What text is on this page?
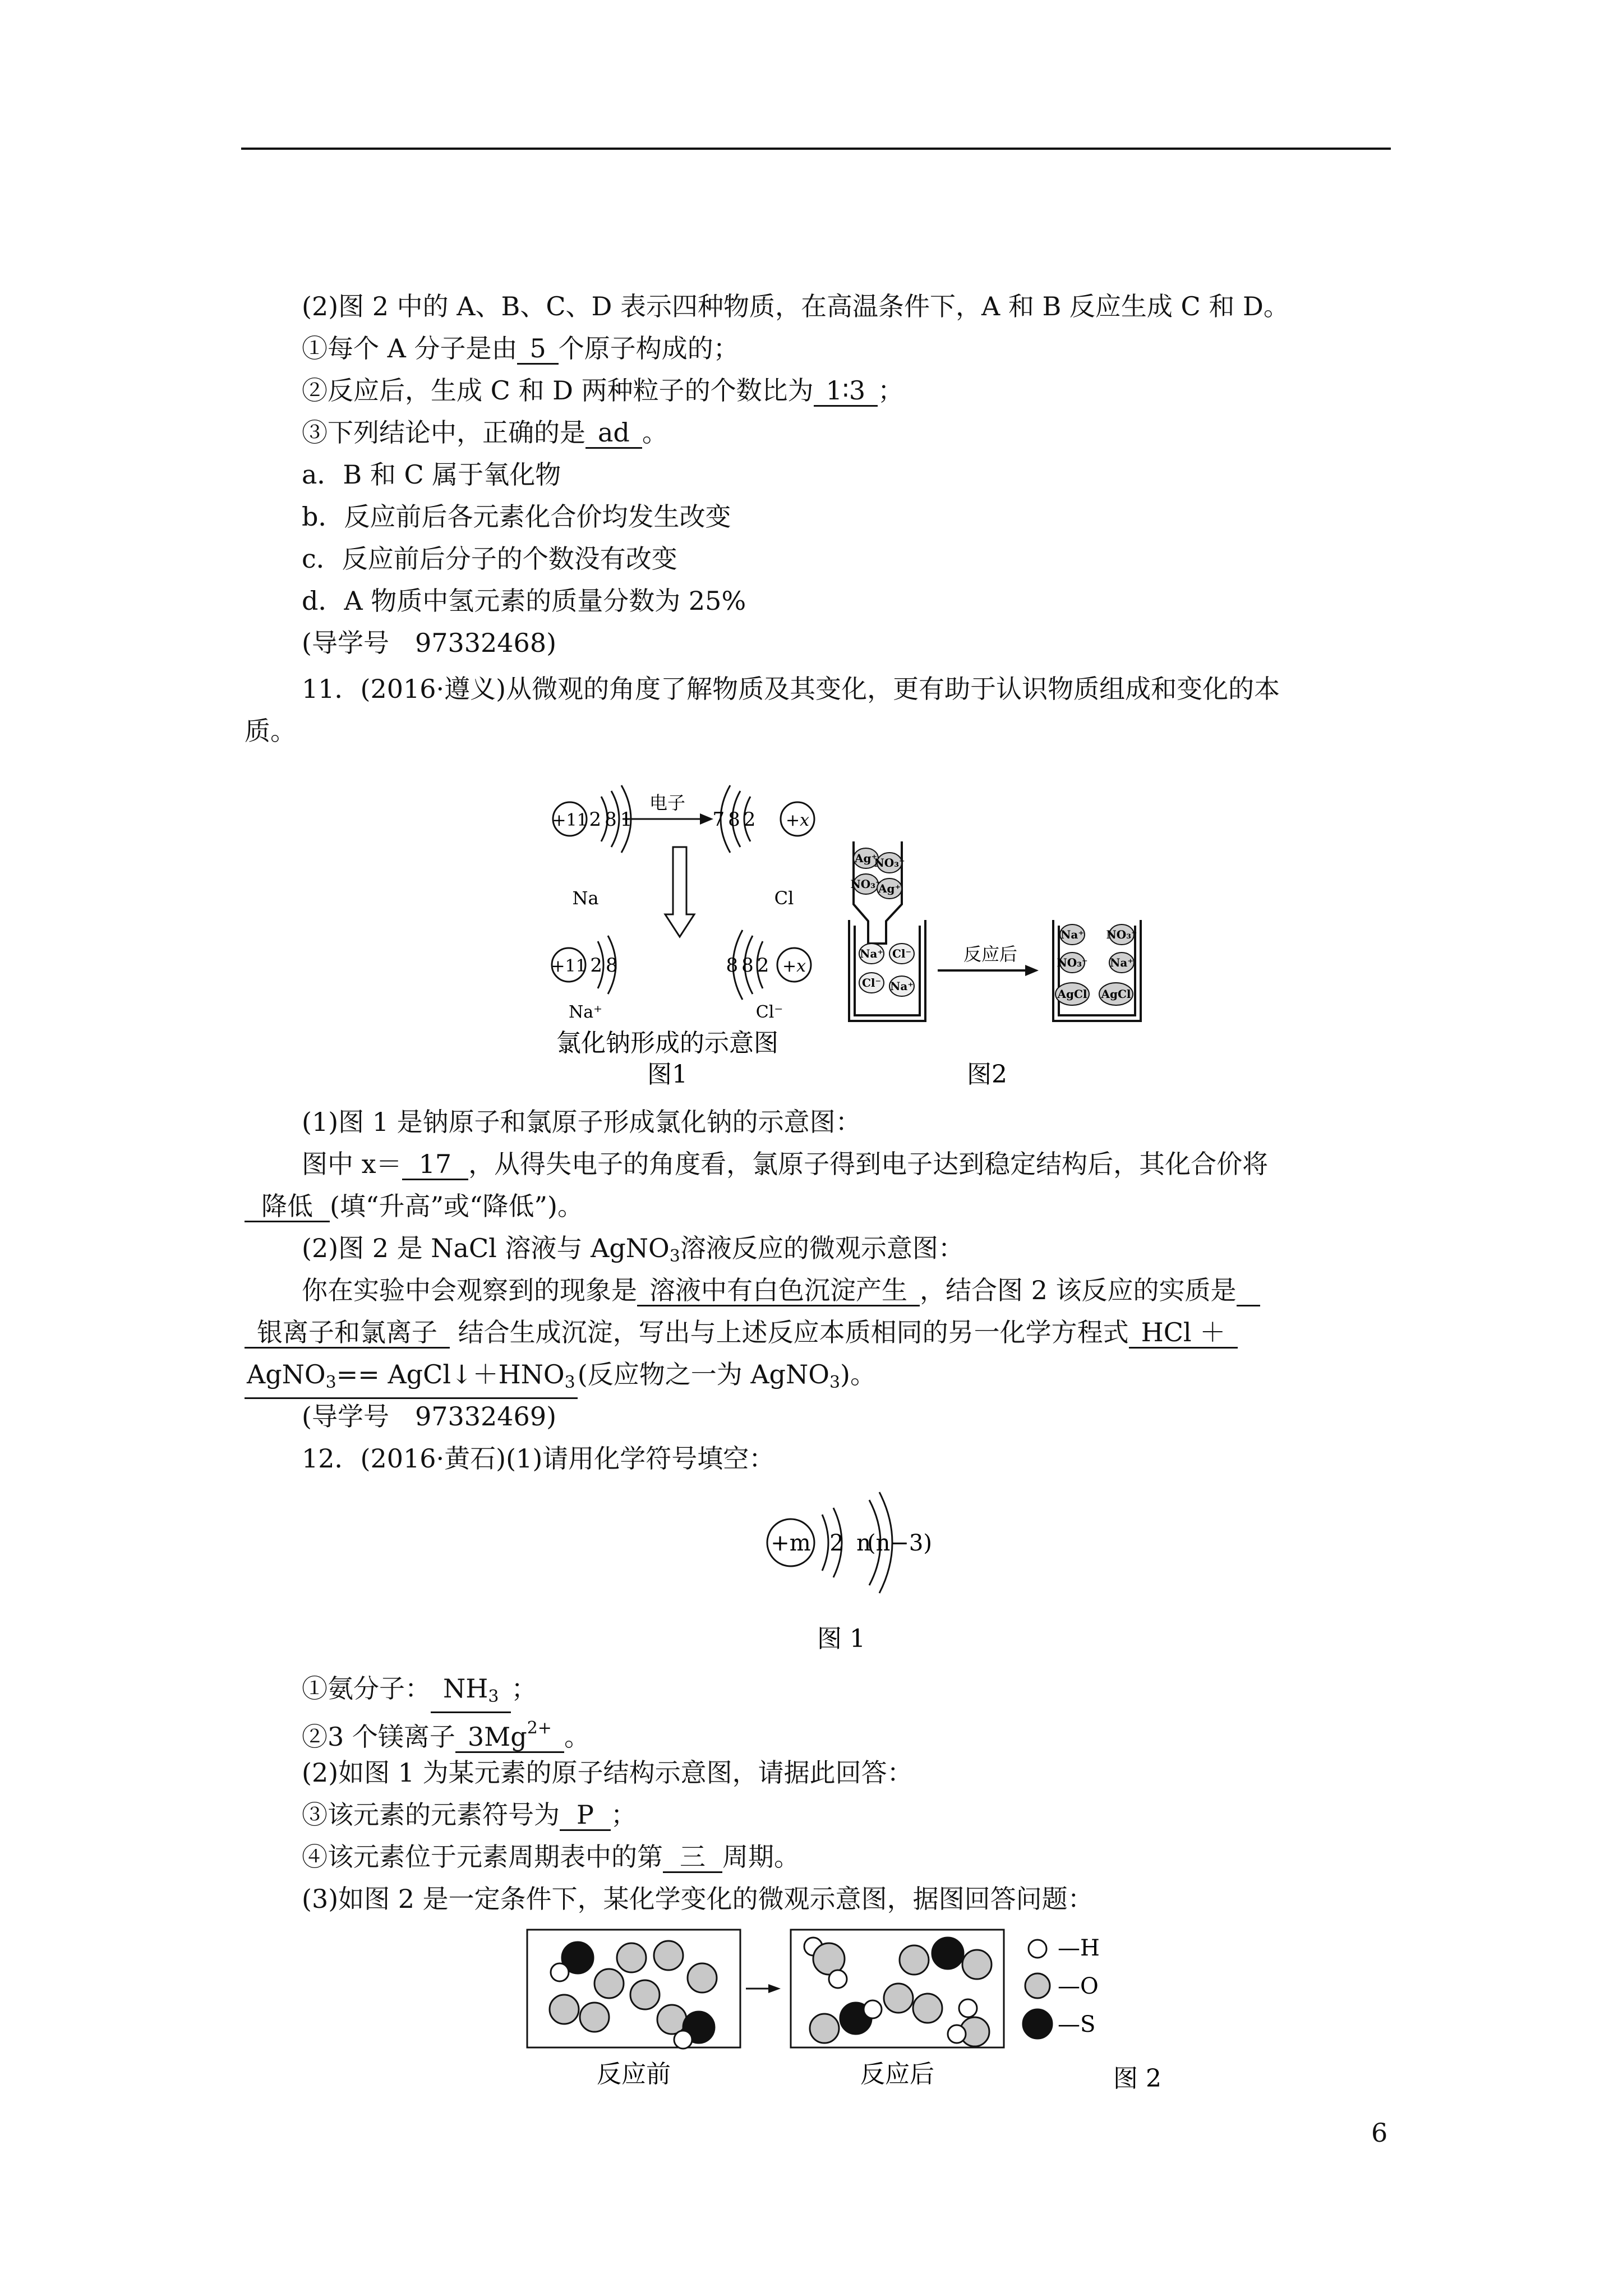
(2)图 2 中的 A、B、C、D 表示四种物质，在高温条件下，A 和 B 反应生成 C 和 D。
①每个 A 分子是由 5 个原子构成的；
②反应后，生成 C 和 D 两种粒子的个数比为 1∶3 ；
③下列结论中，正确的是 ad 。
a．B 和 C 属于氧化物
b．反应前后各元素化合价均发生改变
c．反应前后分子的个数没有改变
d．A 物质中氢元素的质量分数为 25%
(导学号　97332468)
11．(2016·遵义)从微观的角度了解物质及其变化，更有助于认识物质组成和变化的本
质。
+11 281
电子
782 +x
Na	Cl
+11 28	882 +x
Na⁺	Cl⁻
氯化钠形成的示意图
图1
Ag⁺
NO₃⁻
NO₃⁻
Ag⁺
Na⁺ Cl⁻
Cl⁻ Na⁺
Na⁺ NO₃⁻
NO₃⁻ Na⁺
AgCl AgCl
反应后
图2
(1)图 1 是钠原子和氯原子形成氯化钠的示意图：
图中 x＝ 17 ，从得失电子的角度看，氯原子得到电子达到稳定结构后，其化合价将
降低 (填“升高”或“降低”)。
(2)图 2 是 NaCl 溶液与 AgNO$_3$溶液反应的微观示意图：
你在实验中会观察到的现象是 溶液中有白色沉淀产生 ，结合图 2 该反应的实质是
银离子和氯离子 结合生成沉淀，写出与上述反应本质相同的另一化学方程式 HCl ＋
AgNO$_3$== $AgCl↓+HNO_3$(反应物之一为 AgNO$_3$)。
(导学号　97332469)
12．(2016·黄石)(1)请用化学符号填空：
+m 2 n
(n−3)
图 1
①氨分子： $NH_3$ ；
②3 个镁离子 $3Mg^{2+}$ 。
(2)如图 1 为某元素的原子结构示意图，请据此回答：
③该元素的元素符号为 P ；
④该元素位于元素周期表中的第 三 周期。
(3)如图 2 是一定条件下，某化学变化的微观示意图，据图回答问题：
—H
—O
—S
反应前	反应后	图 2
6
